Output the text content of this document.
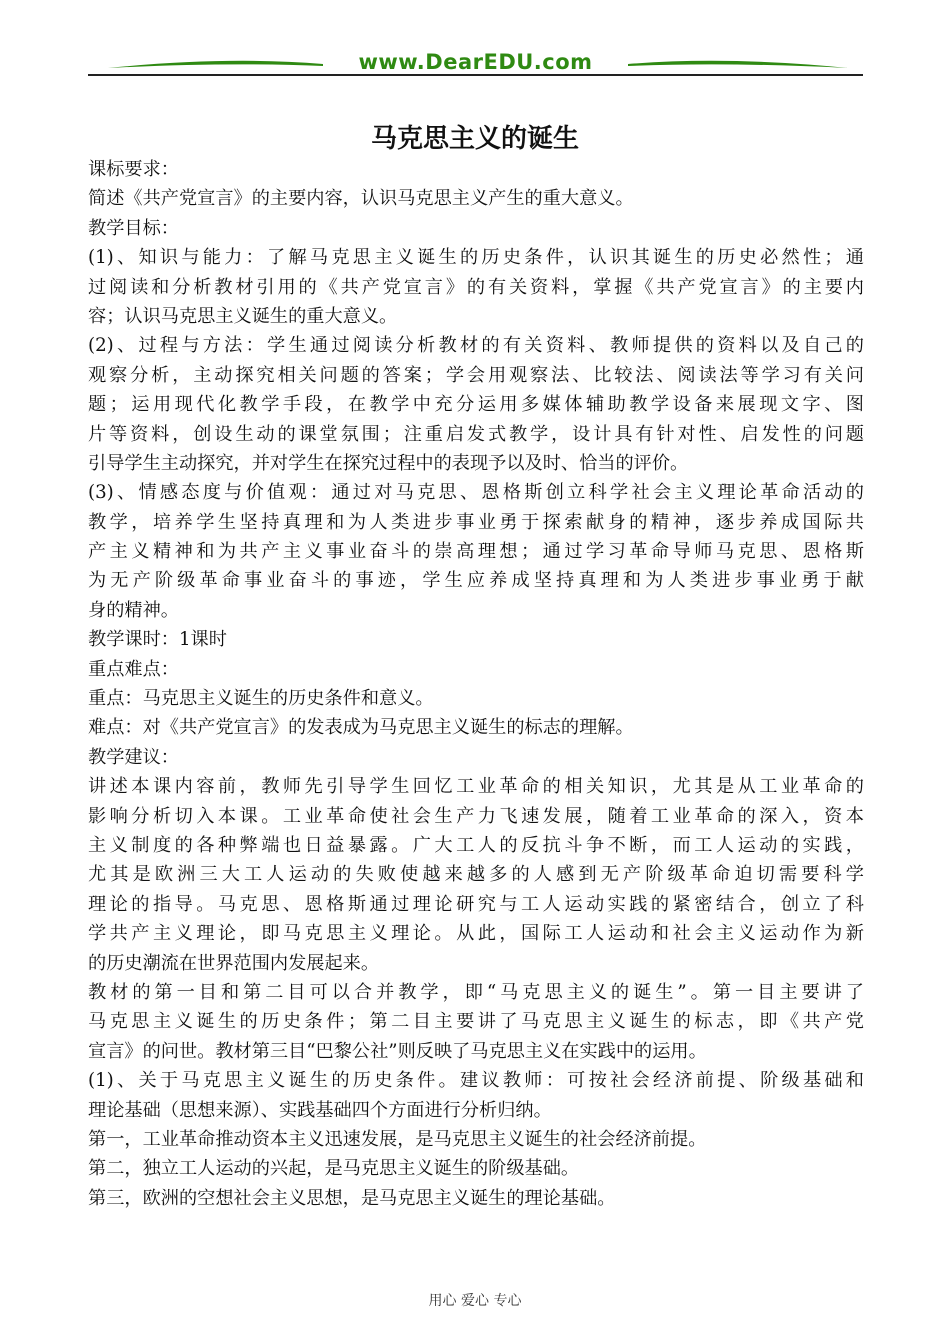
www.DearEDU.com
马克思主义的诞生
课标要求：
简述《共产党宣言》的主要内容，认识马克思主义产生的重大意义。
教学目标：
(1)、知识与能力：了解马克思主义诞生的历史条件，认识其诞生的历史必然性；通
过阅读和分析教材引用的《共产党宣言》的有关资料，掌握《共产党宣言》的主要内
容；认识马克思主义诞生的重大意义。
(2)、过程与方法：学生通过阅读分析教材的有关资料、教师提供的资料以及自己的
观察分析，主动探究相关问题的答案；学会用观察法、比较法、阅读法等学习有关问
题；运用现代化教学手段，在教学中充分运用多媒体辅助教学设备来展现文字、图
片等资料，创设生动的课堂氛围；注重启发式教学，设计具有针对性、启发性的问题
引导学生主动探究，并对学生在探究过程中的表现予以及时、恰当的评价。
(3)、情感态度与价值观：通过对马克思、恩格斯创立科学社会主义理论革命活动的
教学，培养学生坚持真理和为人类进步事业勇于探索献身的精神，逐步养成国际共
产主义精神和为共产主义事业奋斗的崇高理想；通过学习革命导师马克思、恩格斯
为无产阶级革命事业奋斗的事迹，学生应养成坚持真理和为人类进步事业勇于献
身的精神。
教学课时：1课时
重点难点：
重点：马克思主义诞生的历史条件和意义。
难点：对《共产党宣言》的发表成为马克思主义诞生的标志的理解。
教学建议：
讲述本课内容前，教师先引导学生回忆工业革命的相关知识，尤其是从工业革命的
影响分析切入本课。工业革命使社会生产力飞速发展，随着工业革命的深入，资本
主义制度的各种弊端也日益暴露。广大工人的反抗斗争不断，而工人运动的实践，
尤其是欧洲三大工人运动的失败使越来越多的人感到无产阶级革命迫切需要科学
理论的指导。马克思、恩格斯通过理论研究与工人运动实践的紧密结合，创立了科
学共产主义理论，即马克思主义理论。从此，国际工人运动和社会主义运动作为新
的历史潮流在世界范围内发展起来。
教材的第一目和第二目可以合并教学，即“马克思主义的诞生”。第一目主要讲了
马克思主义诞生的历史条件；第二目主要讲了马克思主义诞生的标志，即《共产党
宣言》的问世。教材第三目“巴黎公社”则反映了马克思主义在实践中的运用。
(1)、关于马克思主义诞生的历史条件。建议教师：可按社会经济前提、阶级基础和
理论基础（思想来源）、实践基础四个方面进行分析归纳。
第一，工业革命推动资本主义迅速发展，是马克思主义诞生的社会经济前提。
第二，独立工人运动的兴起，是马克思主义诞生的阶级基础。
第三，欧洲的空想社会主义思想，是马克思主义诞生的理论基础。
用心 爱心 专心
